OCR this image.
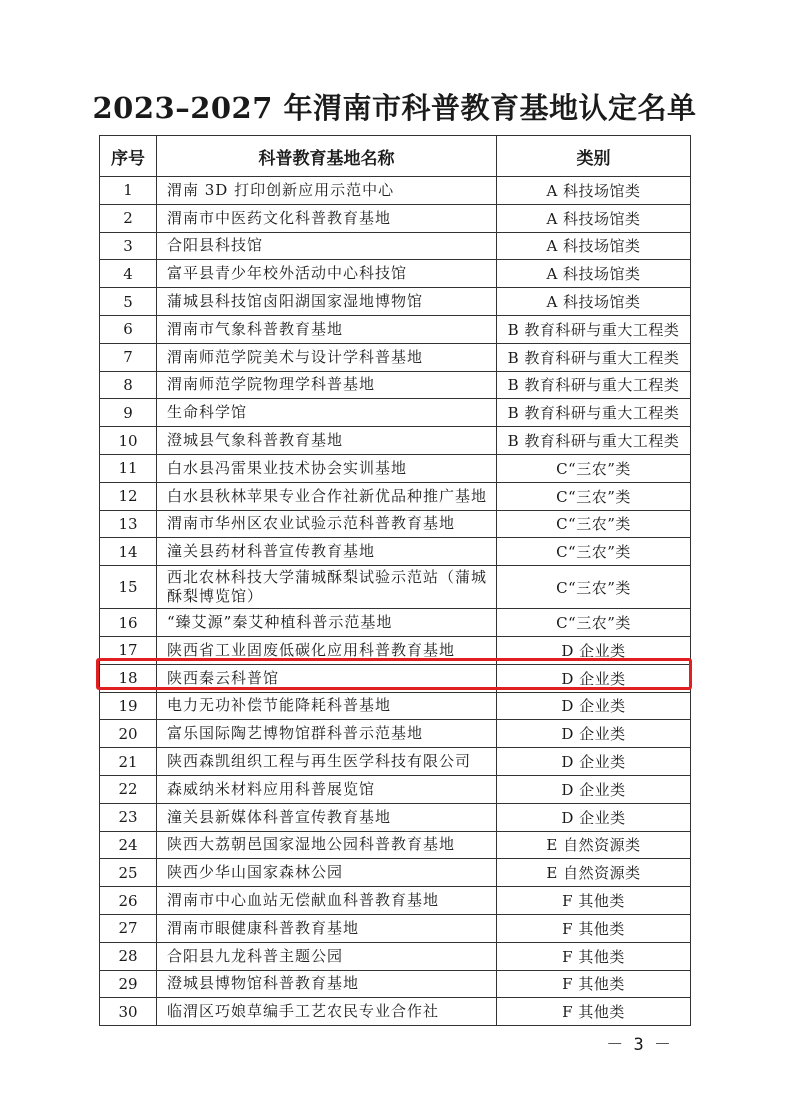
2023–2027 年渭南市科普教育基地认定名单
序号	科普教育基地名称	类别
1	渭南 3D 打印创新应用示范中心	A 科技场馆类
2	渭南市中医药文化科普教育基地	A 科技场馆类
3	合阳县科技馆	A 科技场馆类
4	富平县青少年校外活动中心科技馆	A 科技场馆类
5	蒲城县科技馆卤阳湖国家湿地博物馆	A 科技场馆类
6	渭南市气象科普教育基地	B 教育科研与重大工程类
7	渭南师范学院美术与设计学科普基地	B 教育科研与重大工程类
8	渭南师范学院物理学科普基地	B 教育科研与重大工程类
9	生命科学馆	B 教育科研与重大工程类
10	澄城县气象科普教育基地	B 教育科研与重大工程类
11	白水县冯雷果业技术协会实训基地	C“三农”类
12	白水县秋林苹果专业合作社新优品种推广基地	C“三农”类
13	渭南市华州区农业试验示范科普教育基地	C“三农”类
14	潼关县药材科普宣传教育基地	C“三农”类
15	西北农林科技大学蒲城酥梨试验示范站（蒲城酥梨博览馆）	C“三农”类
16	“臻艾源”秦艾种植科普示范基地	C“三农”类
17	陕西省工业固废低碳化应用科普教育基地	D 企业类
18	陕西秦云科普馆	D 企业类
19	电力无功补偿节能降耗科普基地	D 企业类
20	富乐国际陶艺博物馆群科普示范基地	D 企业类
21	陕西森凯组织工程与再生医学科技有限公司	D 企业类
22	森威纳米材料应用科普展览馆	D 企业类
23	潼关县新媒体科普宣传教育基地	D 企业类
24	陕西大荔朝邑国家湿地公园科普教育基地	E 自然资源类
25	陕西少华山国家森林公园	E 自然资源类
26	渭南市中心血站无偿献血科普教育基地	F 其他类
27	渭南市眼健康科普教育基地	F 其他类
28	合阳县九龙科普主题公园	F 其他类
29	澄城县博物馆科普教育基地	F 其他类
30	临渭区巧娘草编手工艺农民专业合作社	F 其他类
－ 3 －
